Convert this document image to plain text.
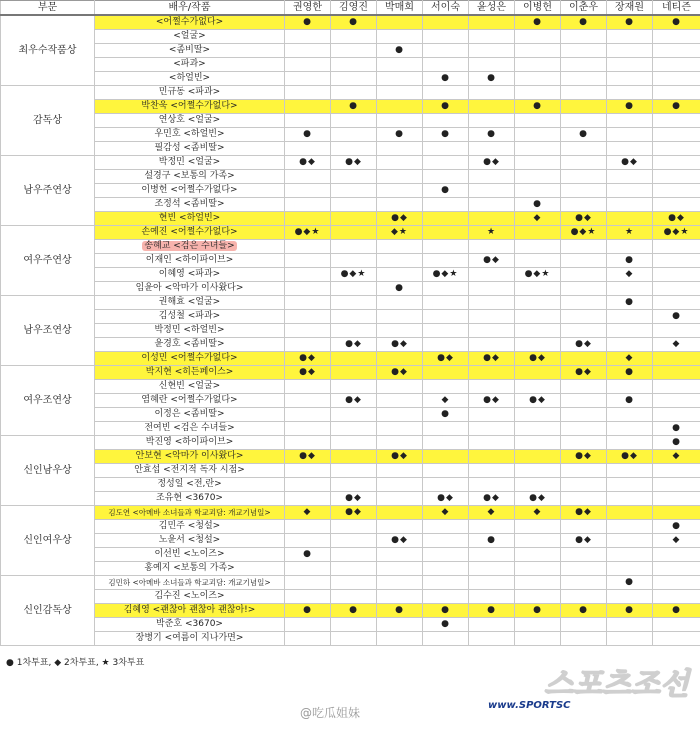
부문	배우/작품	권영한	김영진	박매희	서이숙	윤성은	이병헌	이춘우	장재원	네티즌
최우수작품상	<어쩔수가없다>	●	●				●	●	●	●
	<얼굴>									
	<좀비딸>			●						
	<파과>									
	<하얼빈>				●	●				
감독상	민규동 <파과>									
	박찬욱 <어쩔수가없다>		●		●		●		●	●
	연상호 <얼굴>									
	우민호 <하얼빈>	●		●	●	●		●		
	필감성 <좀비딸>									
남우주연상	박정민 <얼굴>	●◆	●◆			●◆			●◆	
	설경구 <보통의 가족>									
	이병헌 <어쩔수가없다>				●					
	조정석 <좀비딸>						●			
	현빈 <하얼빈>			●◆			◆	●◆		●◆
여우주연상	손예진 <어쩔수가없다>	●◆★		◆★		★		●◆★	★	●◆★
	송혜교 <검은 수녀들>									
	이재인 <하이파이브>					●◆			●	
	이혜영 <파과>		●◆★		●◆★		●◆★		◆	
	임윤아 <악마가 이사왔다>			●						
남우조연상	권해효 <얼굴>								●	
	김성철 <파과>									●
	박정민 <하얼빈>									
	윤경호 <좀비딸>		●◆	●◆				●◆		◆
	이성민 <어쩔수가없다>	●◆			●◆	●◆	●◆		◆	
여우조연상	박지현 <히든페이스>	●◆		●◆				●◆	●	
	신현빈 <얼굴>									
	염혜란 <어쩔수가없다>		●◆		◆	●◆	●◆		●	
	이정은 <좀비딸>				●					
	전여빈 <검은 수녀들>									●
신인남우상	박진영 <하이파이브>									●
	안보현 <악마가 이사왔다>	●◆		●◆				●◆	●◆	◆
	안효섭 <전지적 독자 시점>									
	정성일 <전,란>									
	조유현 <3670>		●◆		●◆	●◆	●◆			
신인여우상	김도연 <아메바 소녀들과 학교괴담: 개교기념일>	◆	●◆		◆	◆	◆	●◆		
	김민주 <청설>									●
	노윤서 <청설>			●◆		●		●◆		◆
	이선빈 <노이즈>	●								
	홍예지 <보통의 가족>									
신인감독상	김민하 <아메바 소녀들과 학교괴담: 개교기념일>								●	
	김수진 <노이즈>									
	김혜영 <괜찮아 괜찮아 괜찮아!>	●	●	●	●	●	●	●	●	●
	박준호 <3670>				●					
	장병기 <여름이 지나가면>									
● 1차투표, ◆ 2차투표, ★ 3차투표
스포츠조선
www.SPORTSC
@吃瓜姐妹
